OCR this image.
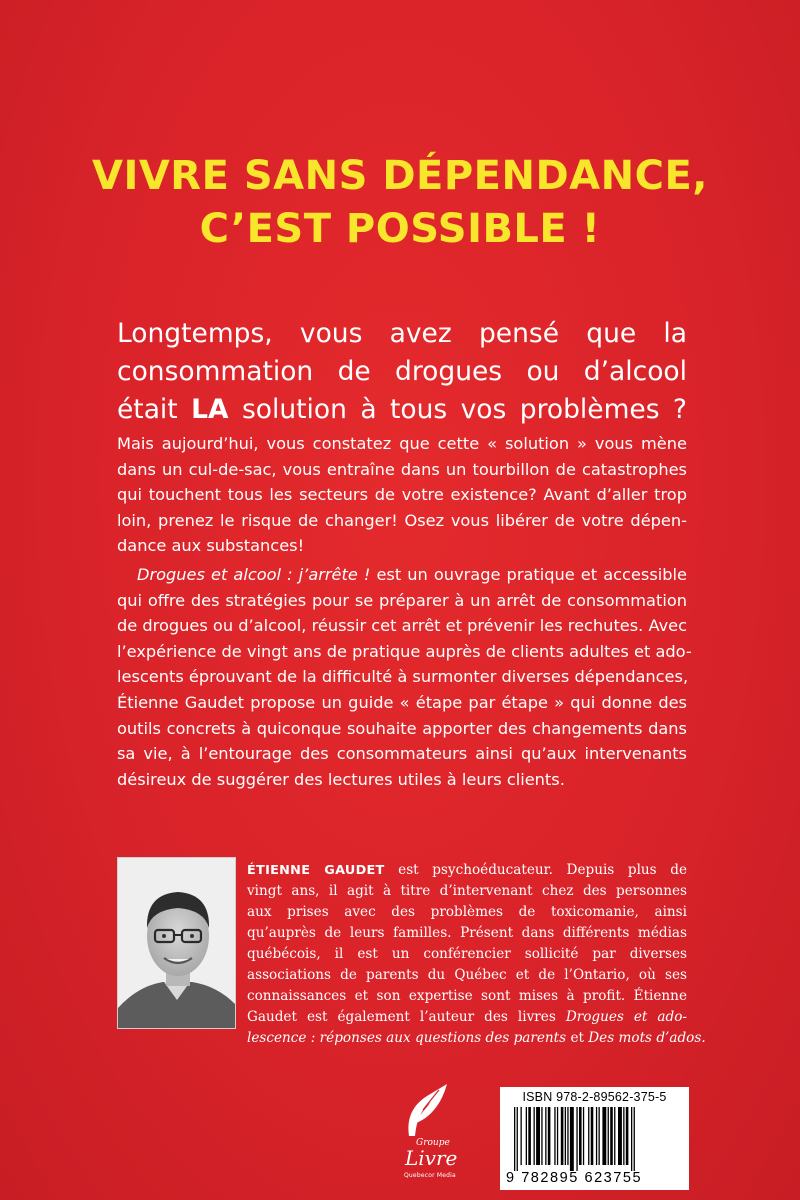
VIVRE SANS DÉPENDANCE,
C’EST POSSIBLE !
Longtemps, vous avez pensé que la
consommation de drogues ou d’alcool
était LA solution à tous vos problèmes ?
Mais aujourd’hui, vous constatez que cette « solution » vous mène
dans un cul-de-sac, vous entraîne dans un tourbillon de catastrophes
qui touchent tous les secteurs de votre existence? Avant d’aller trop
loin, prenez le risque de changer! Osez vous libérer de votre dépen-
dance aux substances!
Drogues et alcool : j’arrête ! est un ouvrage pratique et accessible
qui offre des stratégies pour se préparer à un arrêt de consommation
de drogues ou d’alcool, réussir cet arrêt et prévenir les rechutes. Avec
l’expérience de vingt ans de pratique auprès de clients adultes et ado-
lescents éprouvant de la difficulté à surmonter diverses dépendances,
Étienne Gaudet propose un guide « étape par étape » qui donne des
outils concrets à quiconque souhaite apporter des changements dans
sa vie, à l’entourage des consommateurs ainsi qu’aux intervenants
désireux de suggérer des lectures utiles à leurs clients.
ÉTIENNE GAUDET est psychoéducateur. Depuis plus de
vingt ans, il agit à titre d’intervenant chez des personnes
aux prises avec des problèmes de toxicomanie, ainsi
qu’auprès de leurs familles. Présent dans différents médias
québécois, il est un conférencier sollicité par diverses
associations de parents du Québec et de l’Ontario, où ses
connaissances et son expertise sont mises à profit. Étienne
Gaudet est également l’auteur des livres Drogues et ado-
lescence : réponses aux questions des parents et Des mots d’ados.
Groupe
Livre
Quebecor Media
ISBN 978-2-89562-375-5
9 782895 623755
